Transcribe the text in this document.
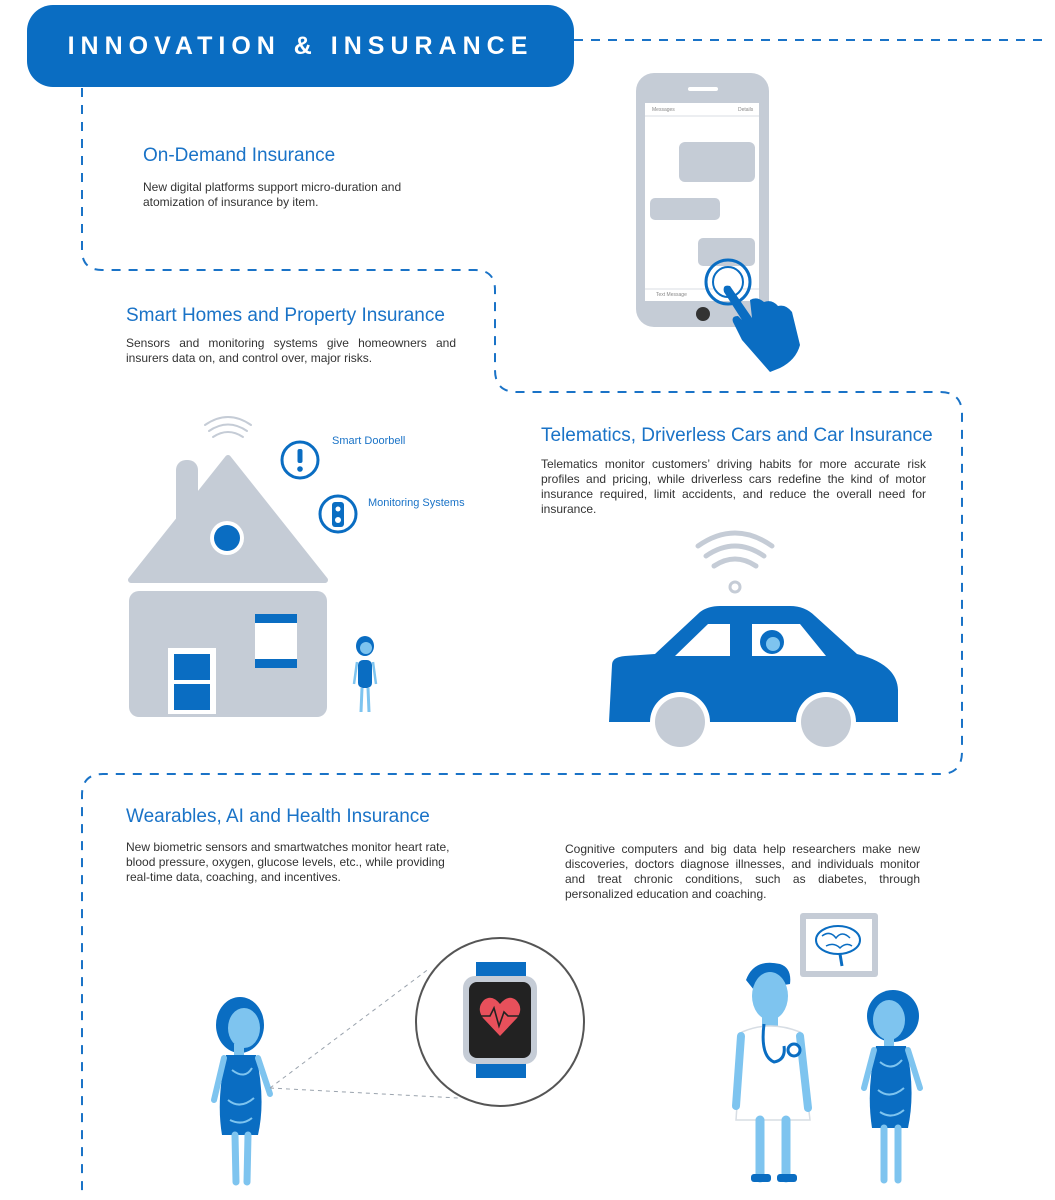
INNOVATION & INSURANCE
Messages	Details
Text Message
On-Demand Insurance
New digital platforms support micro-duration and atomization of insurance by item.
Smart Homes and Property Insurance
Sensors and monitoring systems give homeowners and insurers data on, and control over, major risks.
Smart Doorbell
Monitoring Systems
Telematics, Driverless Cars and Car Insurance
Telematics monitor customers’ driving habits for more accurate risk profiles and pricing, while driverless cars redefine the kind of motor insurance required, limit accidents, and reduce the overall need for insurance.
Wearables, AI and Health Insurance
New biometric sensors and smartwatches monitor heart rate, blood pressure, oxygen, glucose levels, etc., while providing real-time data, coaching, and incentives.
Cognitive computers and big data help researchers make new discoveries, doctors diagnose illnesses, and individuals monitor and treat chronic conditions, such as diabetes, through personalized education and coaching.
